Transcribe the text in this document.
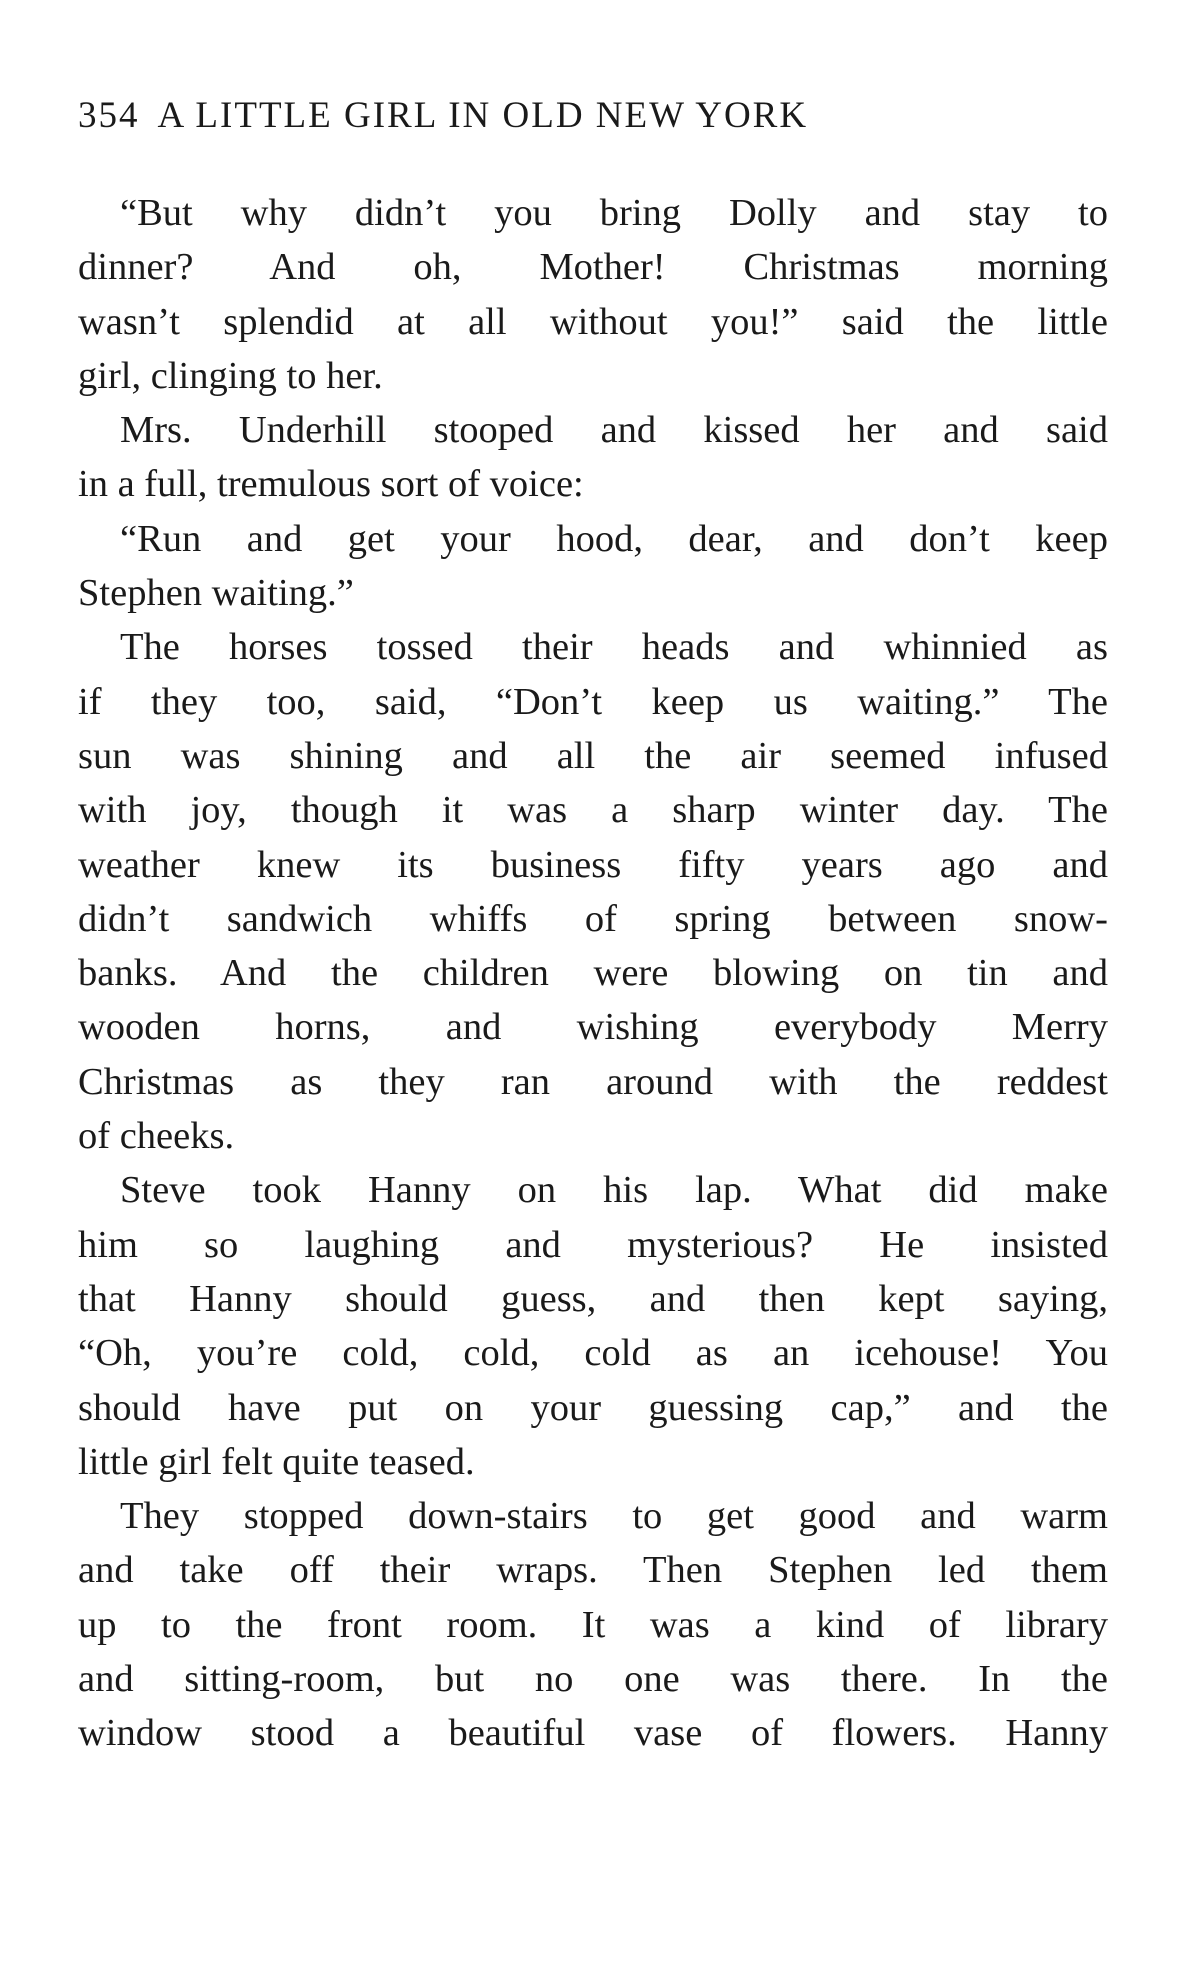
354 A LITTLE GIRL IN OLD NEW YORK
“But why didn’t you bring Dolly and stay to
dinner? And oh, Mother! Christmas morning
wasn’t splendid at all without you!” said the little
girl, clinging to her.
Mrs. Underhill stooped and kissed her and said
in a full, tremulous sort of voice:
“Run and get your hood, dear, and don’t keep
Stephen waiting.”
The horses tossed their heads and whinnied as
if they too, said, “Don’t keep us waiting.” The
sun was shining and all the air seemed infused
with joy, though it was a sharp winter day. The
weather knew its business fifty years ago and
didn’t sandwich whiffs of spring between snow-
banks. And the children were blowing on tin and
wooden horns, and wishing everybody Merry
Christmas as they ran around with the reddest
of cheeks.
Steve took Hanny on his lap. What did make
him so laughing and mysterious? He insisted
that Hanny should guess, and then kept saying,
“Oh, you’re cold, cold, cold as an icehouse! You
should have put on your guessing cap,” and the
little girl felt quite teased.
They stopped down-stairs to get good and warm
and take off their wraps. Then Stephen led them
up to the front room. It was a kind of library
and sitting-room, but no one was there. In the
window stood a beautiful vase of flowers. Hanny
